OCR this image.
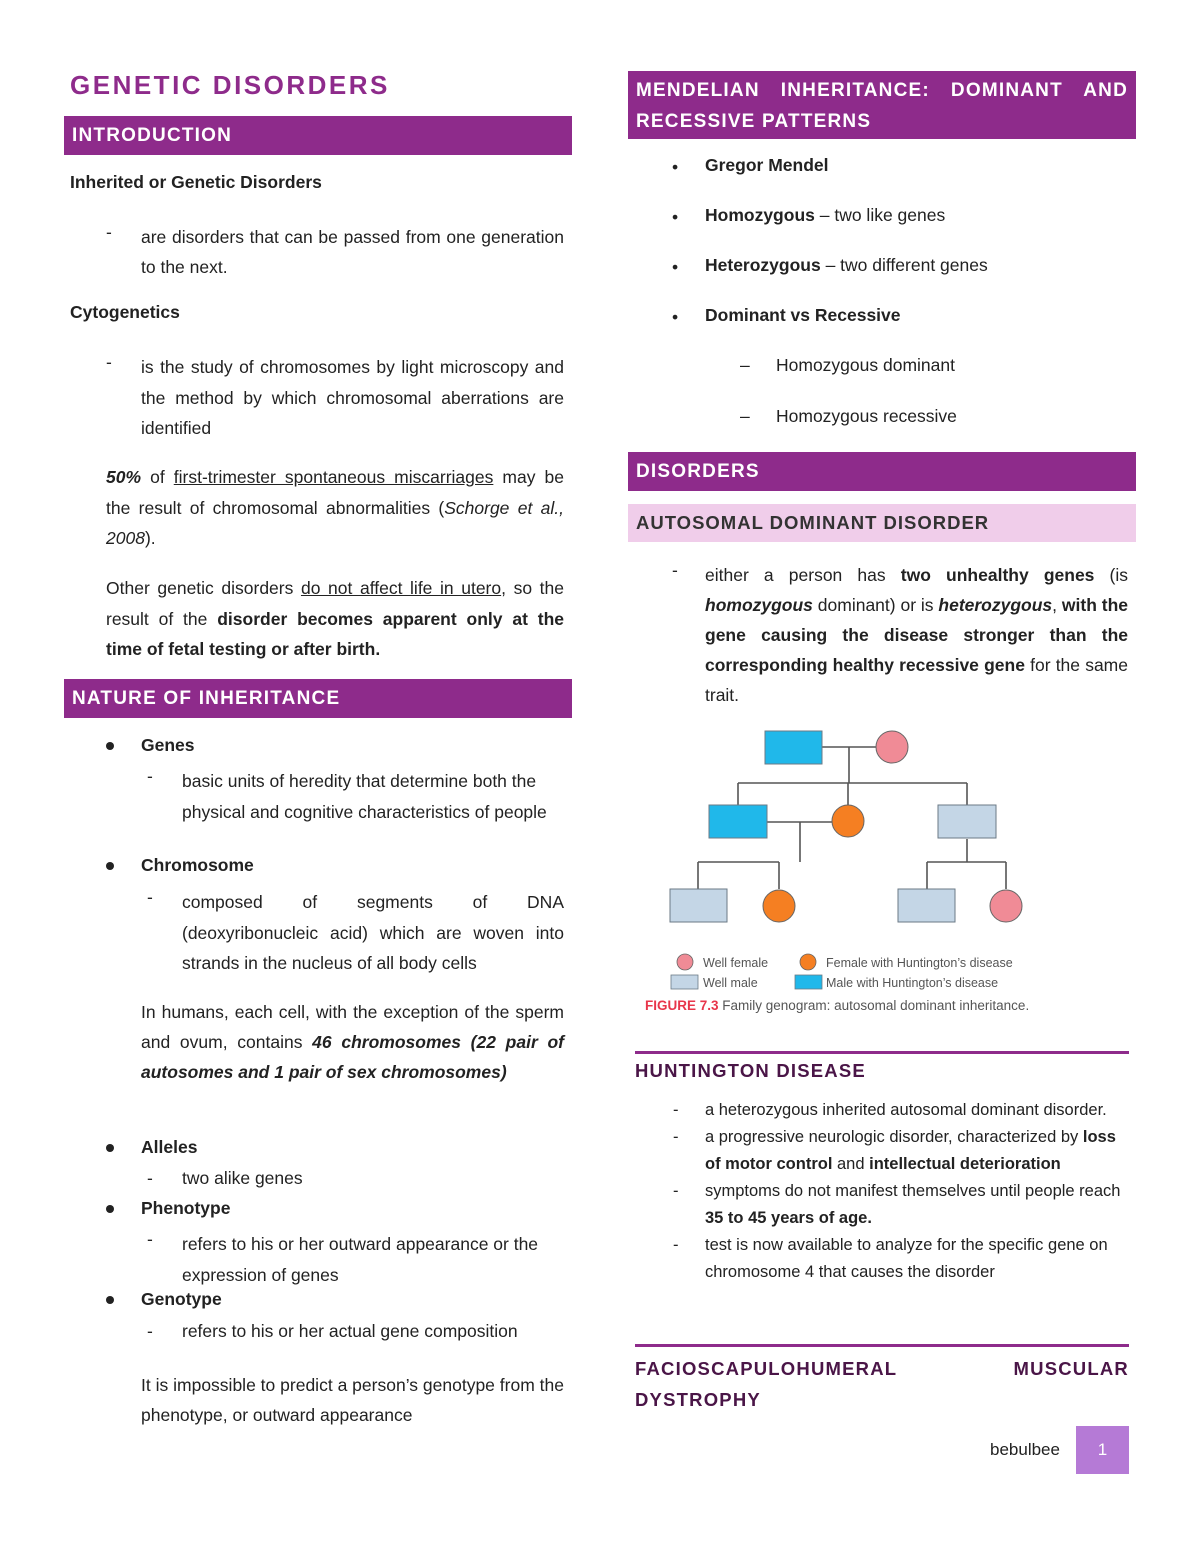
GENETIC DISORDERS
INTRODUCTION
Inherited or Genetic Disorders
- are disorders that can be passed from one generation to the next.
Cytogenetics
- is the study of chromosomes by light microscopy and the method by which chromosomal aberrations are identified
50% of first-trimester spontaneous miscarriages may be the result of chromosomal abnormalities (Schorge et al., 2008).
Other genetic disorders do not affect life in utero, so the result of the disorder becomes apparent only at the time of fetal testing or after birth.
NATURE OF INHERITANCE
Genes
- basic units of heredity that determine both the physical and cognitive characteristics of people
Chromosome
- composed of segments of DNA (deoxyribonucleic acid) which are woven into strands in the nucleus of all body cells
In humans, each cell, with the exception of the sperm and ovum, contains 46 chromosomes (22 pair of autosomes and 1 pair of sex chromosomes)
Alleles
- two alike genes
Phenotype
- refers to his or her outward appearance or the expression of genes
Genotype
- refers to his or her actual gene composition
It is impossible to predict a person’s genotype from the phenotype, or outward appearance
MENDELIAN INHERITANCE: DOMINANT AND RECESSIVE PATTERNS
• Gregor Mendel
• Homozygous – two like genes
• Heterozygous – two different genes
• Dominant vs Recessive
– Homozygous dominant
– Homozygous recessive
DISORDERS
AUTOSOMAL DOMINANT DISORDER
- either a person has two unhealthy genes (is homozygous dominant) or is heterozygous, with the gene causing the disease stronger than the corresponding healthy recessive gene for the same trait.
Well female	Female with Huntington’s disease
Well male	Male with Huntington’s disease
FIGURE 7.3 Family genogram: autosomal dominant inheritance.
HUNTINGTON DISEASE
- a heterozygous inherited autosomal dominant disorder.
- a progressive neurologic disorder, characterized by loss of motor control and intellectual deterioration
- symptoms do not manifest themselves until people reach 35 to 45 years of age.
- test is now available to analyze for the specific gene on chromosome 4 that causes the disorder
FACIOSCAPULOHUMERAL MUSCULAR DYSTROPHY
bebulbee	1
